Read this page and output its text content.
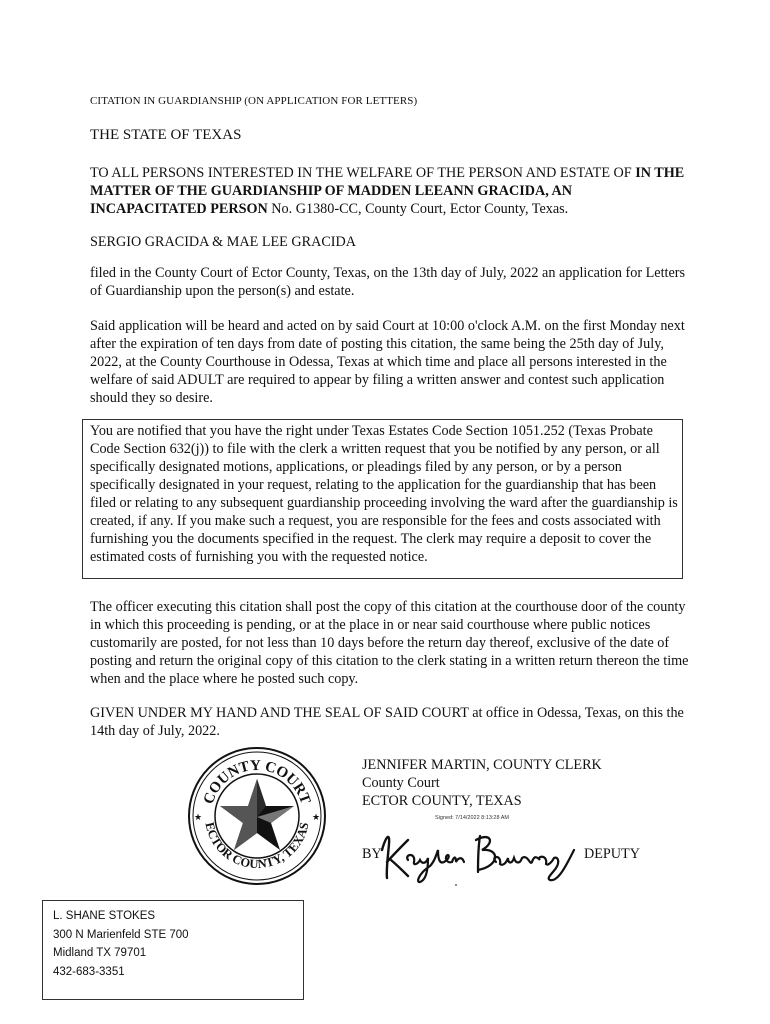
CITATION IN GUARDIANSHIP (ON APPLICATION FOR LETTERS)
THE STATE OF TEXAS
TO ALL PERSONS INTERESTED IN THE WELFARE OF THE PERSON AND ESTATE OF IN THE MATTER OF THE GUARDIANSHIP OF MADDEN LEEANN GRACIDA, AN INCAPACITATED PERSON No. G1380-CC, County Court, Ector County, Texas.
SERGIO GRACIDA & MAE LEE GRACIDA
filed in the County Court of Ector County, Texas, on the 13th day of July, 2022 an application for Letters of Guardianship upon the person(s) and estate.
Said application will be heard and acted on by said Court at 10:00 o'clock A.M. on the first Monday next after the expiration of ten days from date of posting this citation, the same being the 25th day of July, 2022, at the County Courthouse in Odessa, Texas at which time and place all persons interested in the welfare of said ADULT are required to appear by filing a written answer and contest such application should they so desire.
You are notified that you have the right under Texas Estates Code Section 1051.252 (Texas Probate Code Section 632(j)) to file with the clerk a written request that you be notified by any person, or all specifically designated motions, applications, or pleadings filed by any person, or by a person specifically designated in your request, relating to the application for the guardianship that has been filed or relating to any subsequent guardianship proceeding involving the ward after the guardianship is created, if any. If you make such a request, you are responsible for the fees and costs associated with furnishing you the documents specified in the request. The clerk may require a deposit to cover the estimated costs of furnishing you with the requested notice.
The officer executing this citation shall post the copy of this citation at the courthouse door of the county in which this proceeding is pending, or at the place in or near said courthouse where public notices customarily are posted, for not less than 10 days before the return day thereof, exclusive of the date of posting and return the original copy of this citation to the clerk stating in a written return thereon the time when and the place where he posted such copy.
GIVEN UNDER MY HAND AND THE SEAL OF SAID COURT at office in Odessa, Texas, on this the 14th day of July, 2022.
COUNTY COURT
ECTOR COUNTY, TEXAS
★	★
JENNIFER MARTIN, COUNTY CLERK
County Court
ECTOR COUNTY, TEXAS
Signed: 7/14/2022 8:13:28 AM
BY	DEPUTY
L. SHANE STOKES
300 N Marienfeld STE 700
Midland TX 79701
432-683-3351
